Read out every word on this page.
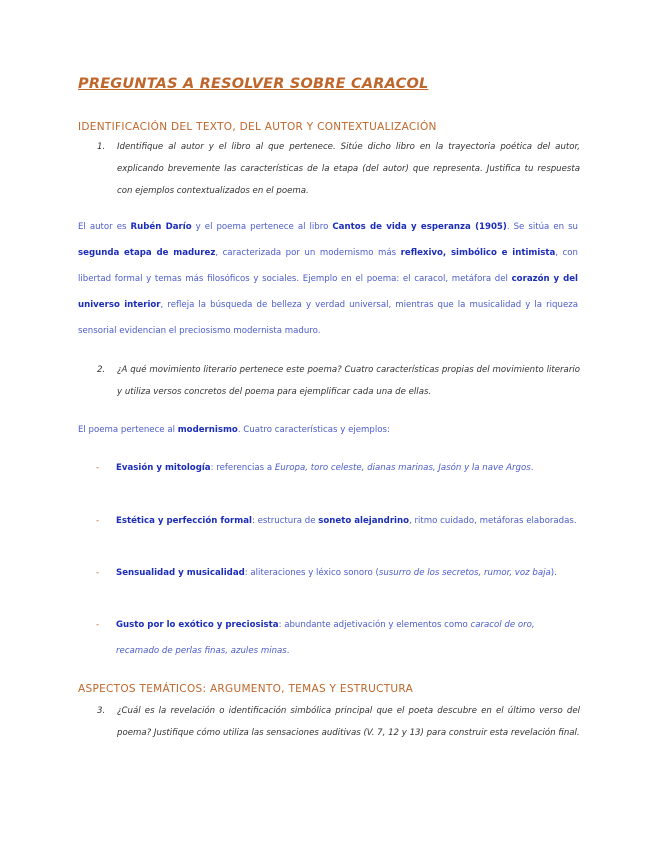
PREGUNTAS A RESOLVER SOBRE CARACOL
IDENTIFICACIÓN DEL TEXTO, DEL AUTOR Y CONTEXTUALIZACIÓN
1. Identifique al autor y el libro al que pertenece. Sitúe dicho libro en la trayectoria poética del autor, explicando brevemente las características de la etapa (del autor) que representa. Justifica tu respuesta con ejemplos contextualizados en el poema.

El autor es Rubén Darío y el poema pertenece al libro Cantos de vida y esperanza (1905). Se sitúa en su segunda etapa de madurez, caracterizada por un modernismo más reflexivo, simbólico e intimista, con libertad formal y temas más filosóficos y sociales. Ejemplo en el poema: el caracol, metáfora del corazón y del universo interior, refleja la búsqueda de belleza y verdad universal, mientras que la musicalidad y la riqueza sensorial evidencian el preciosismo modernista maduro.
2. ¿A qué movimiento literario pertenece este poema? Cuatro características propias del movimiento literario y utiliza versos concretos del poema para ejemplificar cada una de ellas.

El poema pertenece al modernismo. Cuatro características y ejemplos:
- Evasión y mitología: referencias a Europa, toro celeste, dianas marinas, Jasón y la nave Argos.

- Estética y perfección formal: estructura de soneto alejandrino, ritmo cuidado, metáforas elaboradas.

- Sensualidad y musicalidad: aliteraciones y léxico sonoro (susurro de los secretos, rumor, voz baja).

- Gusto por lo exótico y preciosista: abundante adjetivación y elementos como caracol de oro, recamado de perlas finas, azules minas.

ASPECTOS TEMÁTICOS: ARGUMENTO, TEMAS Y ESTRUCTURA
3. ¿Cuál es la revelación o identificación simbólica principal que el poeta descubre en el último verso del poema? Justifique cómo utiliza las sensaciones auditivas (V. 7, 12 y 13) para construir esta revelación final.
